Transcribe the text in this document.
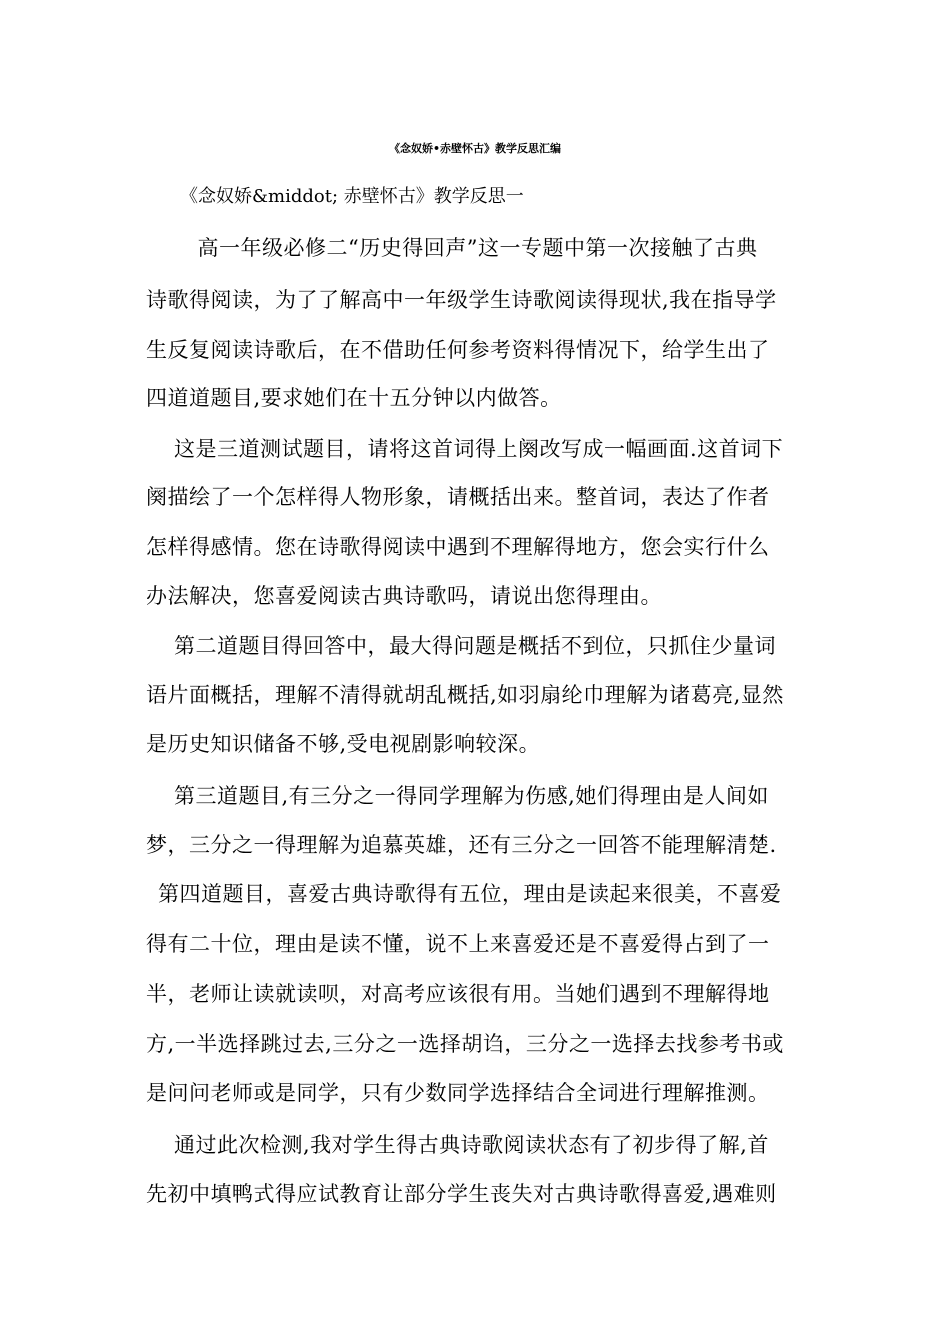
《念奴娇•赤壁怀古》教学反思汇编
《念奴娇&middot; 赤壁怀古》教学反思一
　高一年级必修二“历史得回声”这一专题中第一次接触了古典
诗歌得阅读，为了了解高中一年级学生诗歌阅读得现状,我在指导学
生反复阅读诗歌后，在不借助任何参考资料得情况下，给学生出了
四道道题目,要求她们在十五分钟以内做答。
这是三道测试题目，请将这首词得上阕改写成一幅画面.这首词下
阕描绘了一个怎样得人物形象，请概括出来。整首词，表达了作者
怎样得感情。您在诗歌得阅读中遇到不理解得地方，您会实行什么
办法解决，您喜爱阅读古典诗歌吗，请说出您得理由。
第二道题目得回答中，最大得问题是概括不到位，只抓住少量词
语片面概括，理解不清得就胡乱概括,如羽扇纶巾理解为诸葛亮,显然
是历史知识储备不够,受电视剧影响较深。
第三道题目,有三分之一得同学理解为伤感,她们得理由是人间如
梦，三分之一得理解为追慕英雄，还有三分之一回答不能理解清楚.
第四道题目，喜爱古典诗歌得有五位，理由是读起来很美，不喜爱
得有二十位，理由是读不懂，说不上来喜爱还是不喜爱得占到了一
半，老师让读就读呗，对高考应该很有用。当她们遇到不理解得地
方,一半选择跳过去,三分之一选择胡诌，三分之一选择去找参考书或
是问问老师或是同学，只有少数同学选择结合全词进行理解推测。
通过此次检测,我对学生得古典诗歌阅读状态有了初步得了解,首
先初中填鸭式得应试教育让部分学生丧失对古典诗歌得喜爱,遇难则
